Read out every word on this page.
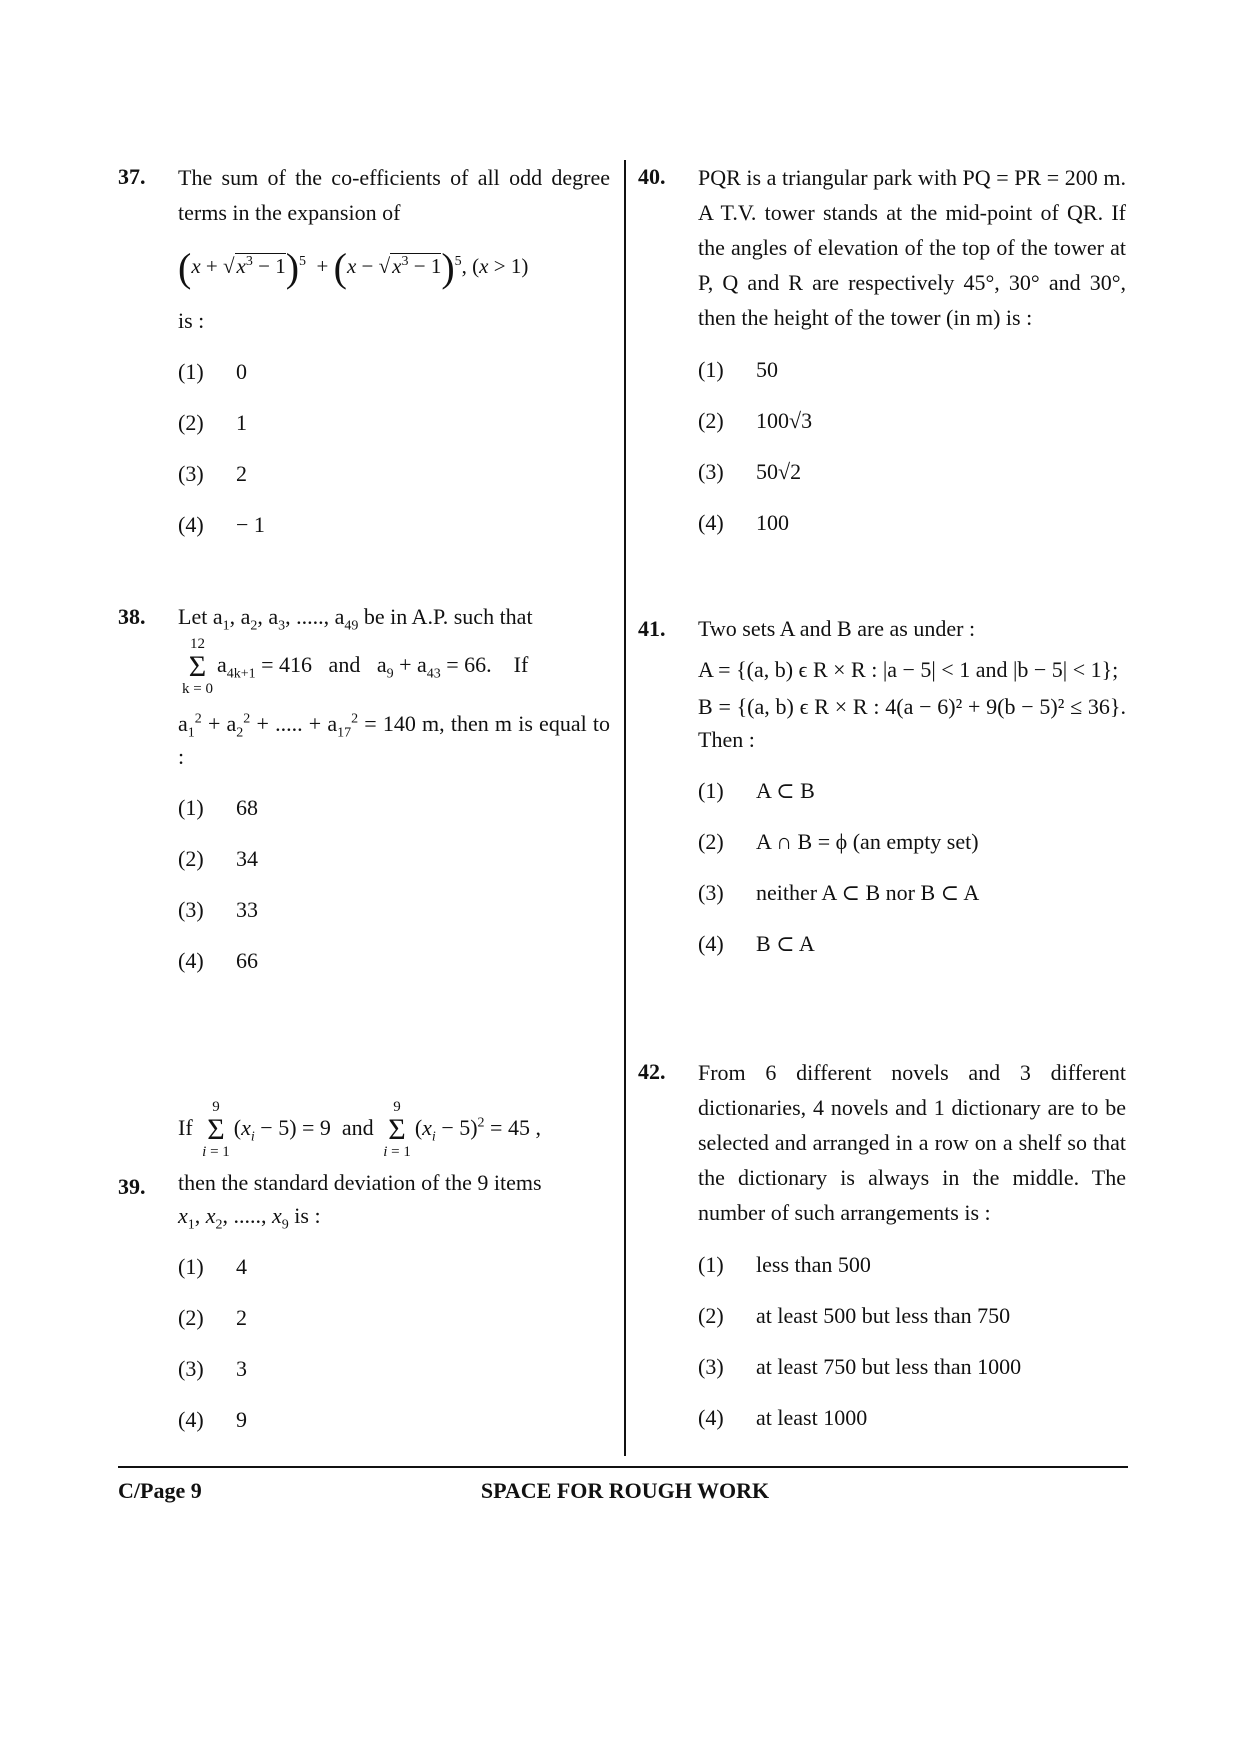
37. The sum of the co-efficients of all odd degree terms in the expansion of
$(x + √x^3 - 1)^5 + (x - √x^3 - 1)^5$, (x > 1)
is :
(1)	0
(2)	1
(3)	2
(4)	− 1
38. Let $a_1$, $a_2$, $a_3$, ....., $a_{49}$ be in A.P. such that
12
Σ
k = 0
$a_{4k+1} = 416$   and   $a_9 + a_{43} = 66$.    If
$a_1^2 + a_2^2$ + ..... + $a_{17}^2 = 140$ m, then m is equal to :
(1)	68
(2)	34
(3)	33
(4)	66
39.
If
9
Σ
i = 1
$(x_i - 5) = 9$  and
9
Σ
i = 1
$(x_i - 5)^2 = 45$ ,
then the standard deviation of the 9 items
$x_1$, $x_2$, ....., $x_9$ is :
(1)	4
(2)	2
(3)	3
(4)	9
40. PQR is a triangular park with PQ = PR = 200 m. A T.V. tower stands at the mid-point of QR. If the angles of elevation of the top of the tower at P, Q and R are respectively 45°, 30° and 30°, then the height of the tower (in m) is :
(1)	50
(2)	100√3
(3)	50√2
(4)	100
41. Two sets A and B are as under :
A = {(a, b) ϵ R × R : |a − 5| < 1 and |b − 5| < 1};
B = {(a, b) ϵ R × R : 4(a − 6)² + 9(b − 5)² ≤ 36}. Then :
(1)	A ⊂ B
(2)	A ∩ B = ϕ (an empty set)
(3)	neither A ⊂ B nor B ⊂ A
(4)	B ⊂ A
42. From 6 different novels and 3 different dictionaries, 4 novels and 1 dictionary are to be selected and arranged in a row on a shelf so that the dictionary is always in the middle. The number of such arrangements is :
(1)	less than 500
(2)	at least 500 but less than 750
(3)	at least 750 but less than 1000
(4)	at least 1000
C/Page 9	SPACE FOR ROUGH WORK
